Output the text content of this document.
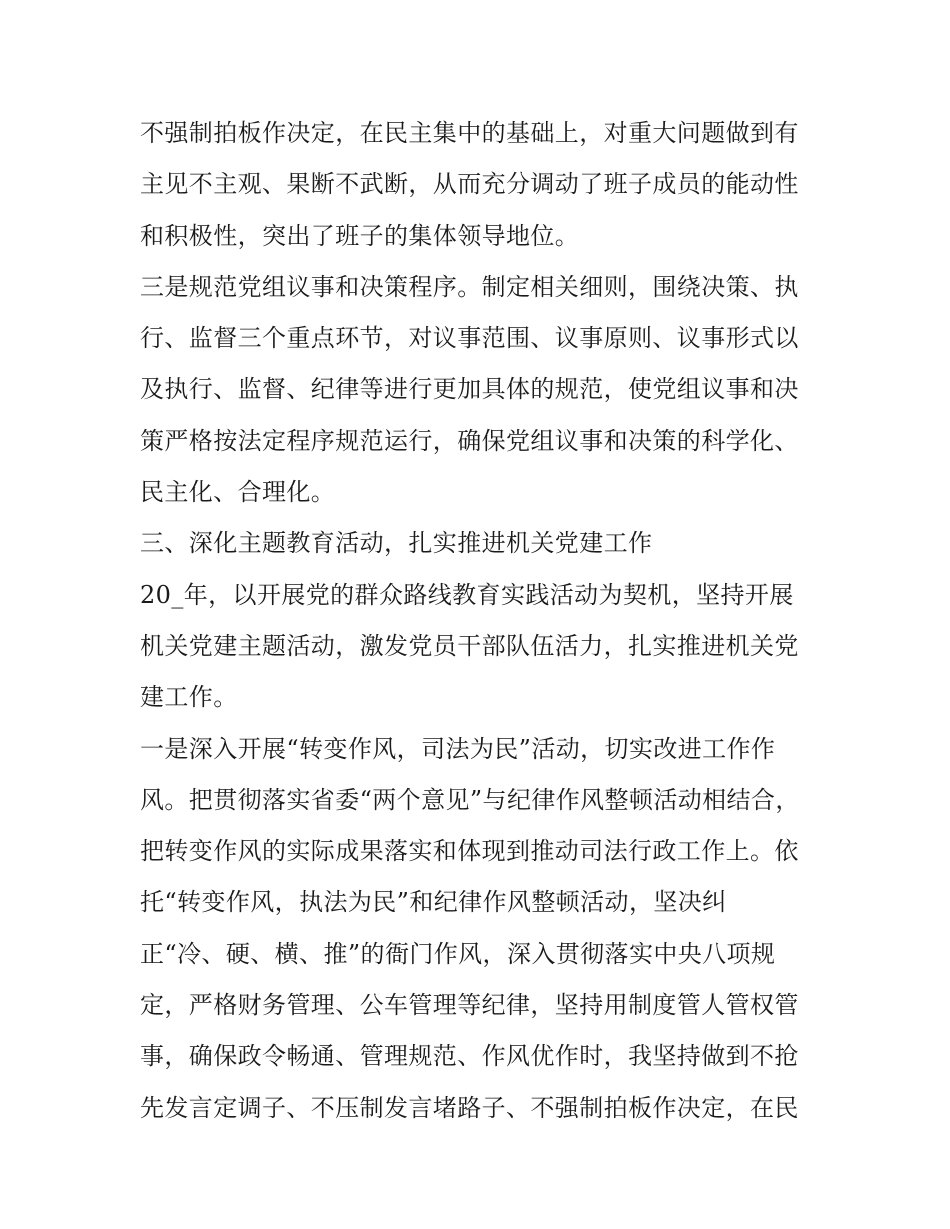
不强制拍板作决定，在民主集中的基础上，对重大问题做到有
主见不主观、果断不武断，从而充分调动了班子成员的能动性
和积极性，突出了班子的集体领导地位。
三是规范党组议事和决策程序。制定相关细则，围绕决策、执
行、监督三个重点环节，对议事范围、议事原则、议事形式以
及执行、监督、纪律等进行更加具体的规范，使党组议事和决
策严格按法定程序规范运行，确保党组议事和决策的科学化、
民主化、合理化。
三、深化主题教育活动，扎实推进机关党建工作
20_年，以开展党的群众路线教育实践活动为契机，坚持开展
机关党建主题活动，激发党员干部队伍活力，扎实推进机关党
建工作。
一是深入开展“转变作风，司法为民”活动，切实改进工作作
风。把贯彻落实省委“两个意见”与纪律作风整顿活动相结合，
把转变作风的实际成果落实和体现到推动司法行政工作上。依
托“转变作风，执法为民”和纪律作风整顿活动，坚决纠
正“冷、硬、横、推”的衙门作风，深入贯彻落实中央八项规
定，严格财务管理、公车管理等纪律，坚持用制度管人管权管
事，确保政令畅通、管理规范、作风优作时，我坚持做到不抢
先发言定调子、不压制发言堵路子、不强制拍板作决定，在民
